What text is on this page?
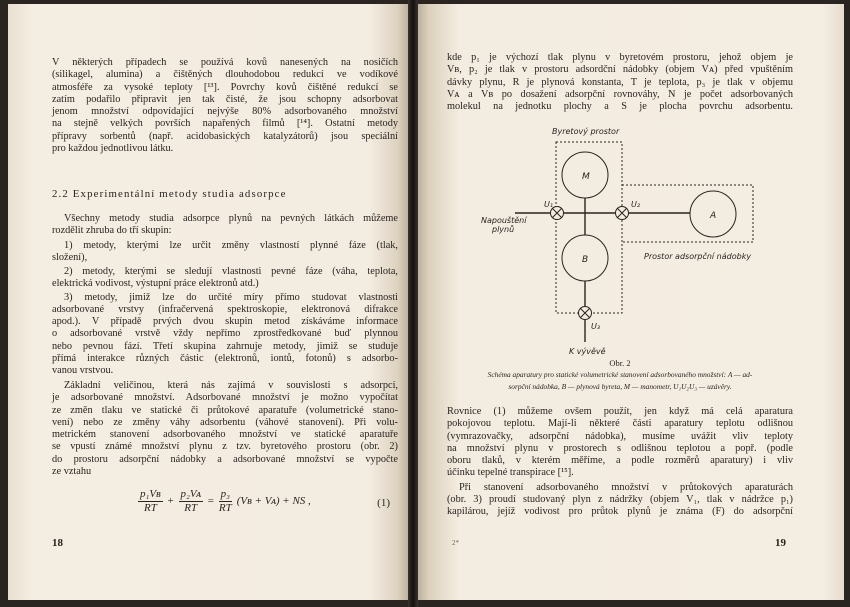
V některých případech se používá kovů nanesených na nosičích
(silikagel, alumina) a čištěných dlouhodobou redukcí ve vodíkové
atmosféře za vysoké teploty [¹³]. Povrchy kovů čištěné redukcí se
zatím podařilo připravit jen tak čisté, že jsou schopny adsorbovat
jenom množství odpovídající nejvýše 80% adsorbovaného množství
na stejně velkých površích napařených filmů [¹⁴]. Ostatní metody
přípravy sorbentů (např. acidobasických katalyzátorů) jsou speciální
pro každou jednotlivou látku.
Všechny metody studia adsorpce plynů na pevných látkách můžeme
rozdělit zhruba do tří skupin:
1) metody, kterými lze určit změny vlastností plynné fáze (tlak,
složení),
2) metody, kterými se sledují vlastnosti pevné fáze (váha, teplota,
elektrická vodivost, výstupní práce elektronů atd.)
3) metody, jimiž lze do určité míry přímo studovat vlastnosti
adsorbované vrstvy (infračervená spektroskopie, elektronová difrakce
apod.). V případě prvých dvou skupin metod získáváme informace
o adsorbované vrstvě vždy nepřímo zprostředkované buď plynnou
nebo pevnou fází. Třetí skupina zahrnuje metody, jimiž se studuje
přímá interakce různých částic (elektronů, iontů, fotonů) s adsorbo-
vanou vrstvou.
Základní veličinou, která nás zajímá v souvislosti s adsorpcí,
je adsorbované množství. Adsorbované množství je možno vypočítat
ze změn tlaku ve statické či průtokové aparatuře (volumetrické stano-
vení) nebo ze změny váhy adsorbentu (váhové stanovení). Při volu-
metrickém stanovení adsorbovaného množství ve statické aparatuře
se vpustí známé množství plynu z tzv. byretového prostoru (obr. 2)
do prostoru adsorpční nádobky a adsorbované množství se vypočte
ze vztahu
kde p₁ je výchozí tlak plynu v byretovém prostoru, jehož objem je
Vʙ, p₂ je tlak v prostoru adsordční nádobky (objem Vᴀ) před vpuštěním
dávky plynu, R je plynová konstanta, T je teplota, p₃ je tlak v objemu
Vᴀ a Vʙ po dosažení adsorpční rovnováhy, N je počet adsorbovaných
molekul na jednotku plochy a S je plocha povrchu adsorbentu.
Rovnice (1) můžeme ovšem použít, jen když má celá aparatura
pokojovou teplotu. Mají-li některé části aparatury teplotu odlišnou
(vymrazovačky, adsorpční nádobka), musíme uvážit vliv teploty
na množství plynu v prostorech s odlišnou teplotou a popř. (podle
oboru tlaků, v kterém měříme, a podle rozměrů aparatury) i vliv
účinku tepelné transpirace [¹⁵].
Při stanovení adsorbovaného množství v průtokových aparaturách
(obr. 3) proudí studovaný plyn z nádržky (objem V₁, tlak v nádržce p₁)
kapilárou, jejíž vodivost pro průtok plynů je známa (F) do adsorpční
2.2 Experimentální metody studia adsorpce
$\frac{\text{p₁Vʙ}}{RT} + \frac{\text{p₂Vᴀ}}{RT} = \frac{\text{p₃}}{RT}$ (Vʙ + Vᴀ) + NS ,	(1)
18	19
2*
Byretový prostor
M
A
B
U₁	U₂
U₃
Napouštění
plynů
Prostor adsorpční nádobky
K vývěvě
Obr. 2
Schéma aparatury pro statické volumetrické stanovení adsorbovaného množství: A — ad-
sorpční nádobka, B — plynová byreta, M — manometr, U₁U₂U₃ — uzávěry.
